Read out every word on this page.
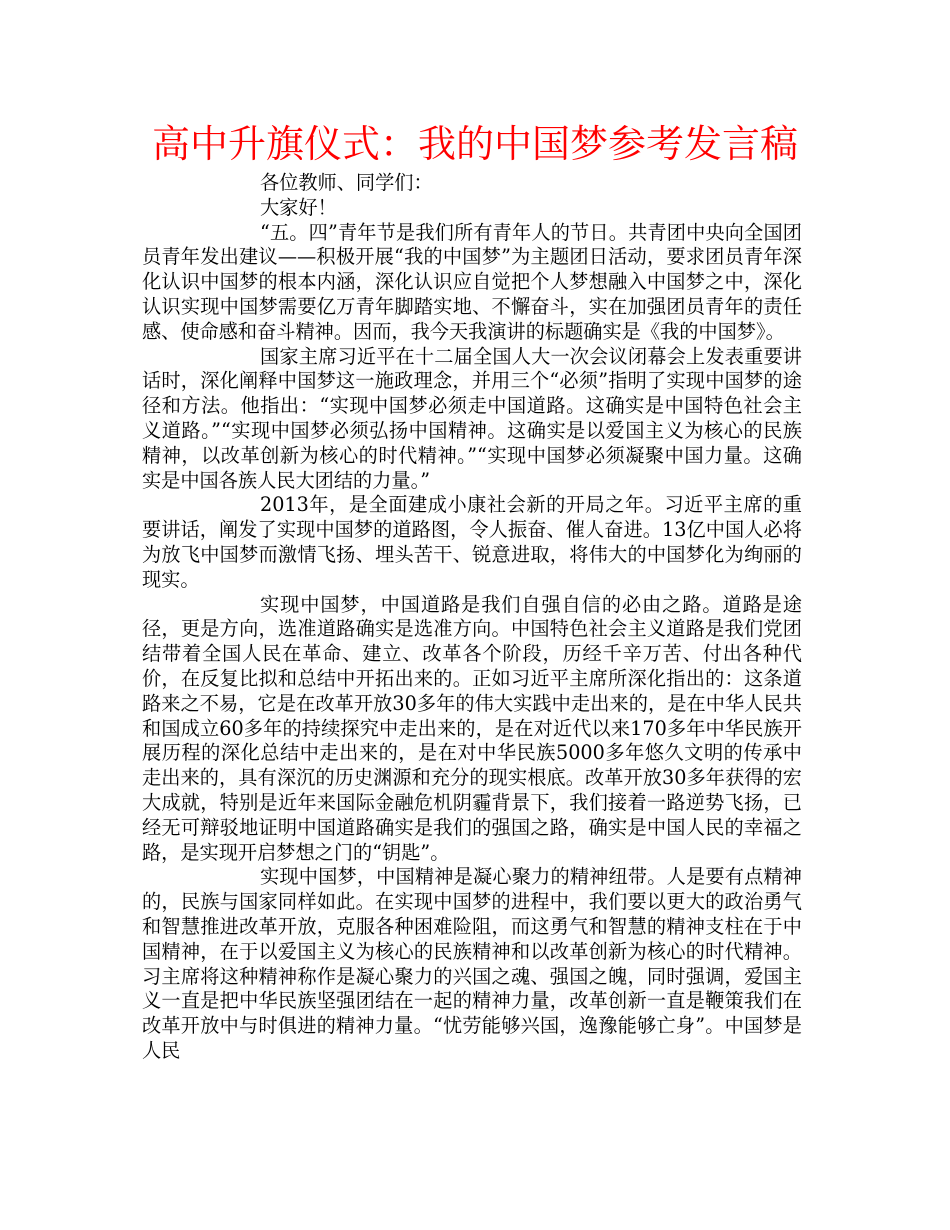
高中升旗仪式：我的中国梦参考发言稿

各位教师、同学们：

大家好！

“五。四”青年节是我们所有青年人的节日。共青团中央向全国团员青年发出建议——积极开展“我的中国梦”为主题团日活动，要求团员青年深化认识中国梦的根本内涵，深化认识应自觉把个人梦想融入中国梦之中，深化认识实现中国梦需要亿万青年脚踏实地、不懈奋斗，实在加强团员青年的责任感、使命感和奋斗精神。因而，我今天我演讲的标题确实是《我的中国梦》。

国家主席习近平在十二届全国人大一次会议闭幕会上发表重要讲话时，深化阐释中国梦这一施政理念，并用三个“必须”指明了实现中国梦的途径和方法。他指出：“实现中国梦必须走中国道路。这确实是中国特色社会主义道路。”“实现中国梦必须弘扬中国精神。这确实是以爱国主义为核心的民族精神，以改革创新为核心的时代精神。”“实现中国梦必须凝聚中国力量。这确实是中国各族人民大团结的力量。”

2013年，是全面建成小康社会新的开局之年。习近平主席的重要讲话，阐发了实现中国梦的道路图，令人振奋、催人奋进。13亿中国人必将为放飞中国梦而激情飞扬、埋头苦干、锐意进取，将伟大的中国梦化为绚丽的现实。

实现中国梦，中国道路是我们自强自信的必由之路。道路是途径，更是方向，选准道路确实是选准方向。中国特色社会主义道路是我们党团结带着全国人民在革命、建立、改革各个阶段，历经千辛万苦、付出各种代价，在反复比拟和总结中开拓出来的。正如习近平主席所深化指出的：这条道路来之不易，它是在改革开放30多年的伟大实践中走出来的，是在中华人民共和国成立60多年的持续探究中走出来的，是在对近代以来170多年中华民族开展历程的深化总结中走出来的，是在对中华民族5000多年悠久文明的传承中走出来的，具有深沉的历史渊源和充分的现实根底。改革开放30多年获得的宏大成就，特别是近年来国际金融危机阴霾背景下，我们接着一路逆势飞扬，已经无可辩驳地证明中国道路确实是我们的强国之路，确实是中国人民的幸福之路，是实现开启梦想之门的“钥匙”。

实现中国梦，中国精神是凝心聚力的精神纽带。人是要有点精神的，民族与国家同样如此。在实现中国梦的进程中，我们要以更大的政治勇气和智慧推进改革开放，克服各种困难险阻，而这勇气和智慧的精神支柱在于中国精神，在于以爱国主义为核心的民族精神和以改革创新为核心的时代精神。习主席将这种精神称作是凝心聚力的兴国之魂、强国之魄，同时强调，爱国主义一直是把中华民族坚强团结在一起的精神力量，改革创新一直是鞭策我们在改革开放中与时俱进的精神力量。“忧劳能够兴国，逸豫能够亡身”。中国梦是人民
